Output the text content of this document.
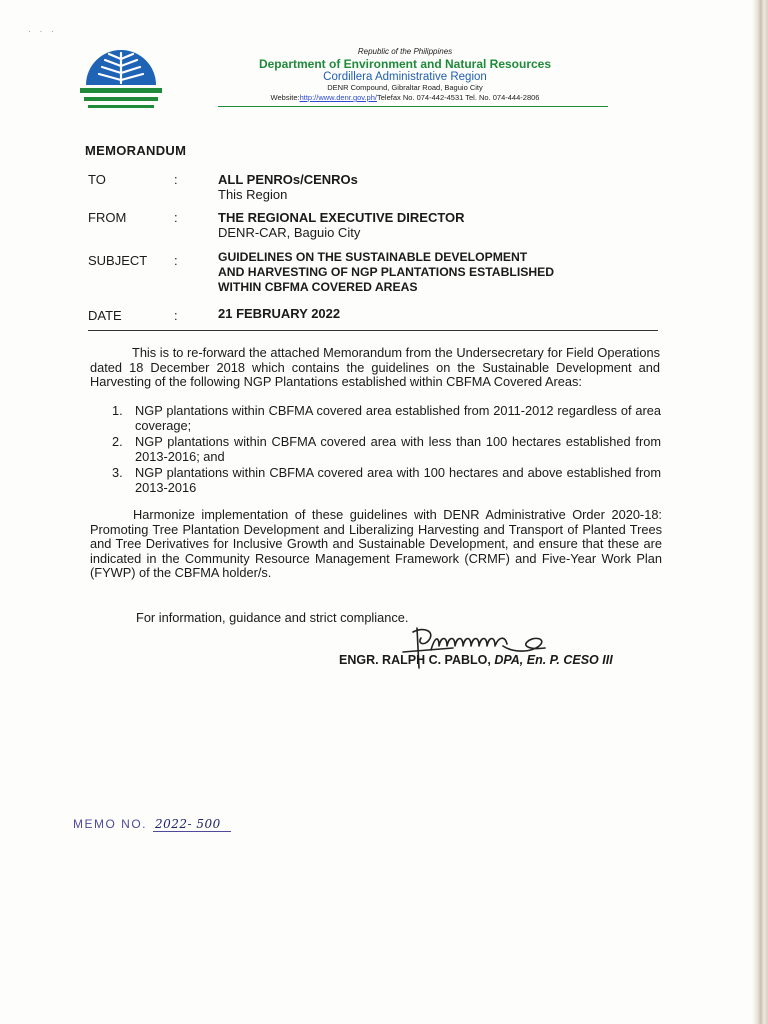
· · ·
Republic of the Philippines
Department of Environment and Natural Resources
Cordillera Administrative Region
DENR Compound, Gibraltar Road, Baguio City
Website:http://www.denr.gov.ph/Telefax No. 074-442-4531 Tel. No. 074-444-2806
MEMORANDUM
TO	:	ALL PENROs/CENROs
This Region
FROM	:	THE REGIONAL EXECUTIVE DIRECTOR
DENR-CAR, Baguio City
SUBJECT	:	GUIDELINES ON THE SUSTAINABLE DEVELOPMENT
AND HARVESTING OF NGP PLANTATIONS ESTABLISHED
WITHIN CBFMA COVERED AREAS
DATE	:	21 FEBRUARY 2022
This is to re-forward the attached Memorandum from the Undersecretary for Field Operations dated 18 December 2018 which contains the guidelines on the Sustainable Development and Harvesting of the following NGP Plantations established within CBFMA Covered Areas:
1. NGP plantations within CBFMA covered area established from 2011-2012 regardless of area coverage;
2. NGP plantations within CBFMA covered area with less than 100 hectares established from 2013-2016; and
3. NGP plantations within CBFMA covered area with 100 hectares and above established from 2013-2016
Harmonize implementation of these guidelines with DENR Administrative Order 2020-18: Promoting Tree Plantation Development and Liberalizing Harvesting and Transport of Planted Trees and Tree Derivatives for Inclusive Growth and Sustainable Development, and ensure that these are indicated in the Community Resource Management Framework (CRMF) and Five-Year Work Plan (FYWP) of the CBFMA holder/s.
For information, guidance and strict compliance.
ENGR. RALPH C. PABLO, DPA, En. P. CESO III
MEMO NO. 2022- 500
